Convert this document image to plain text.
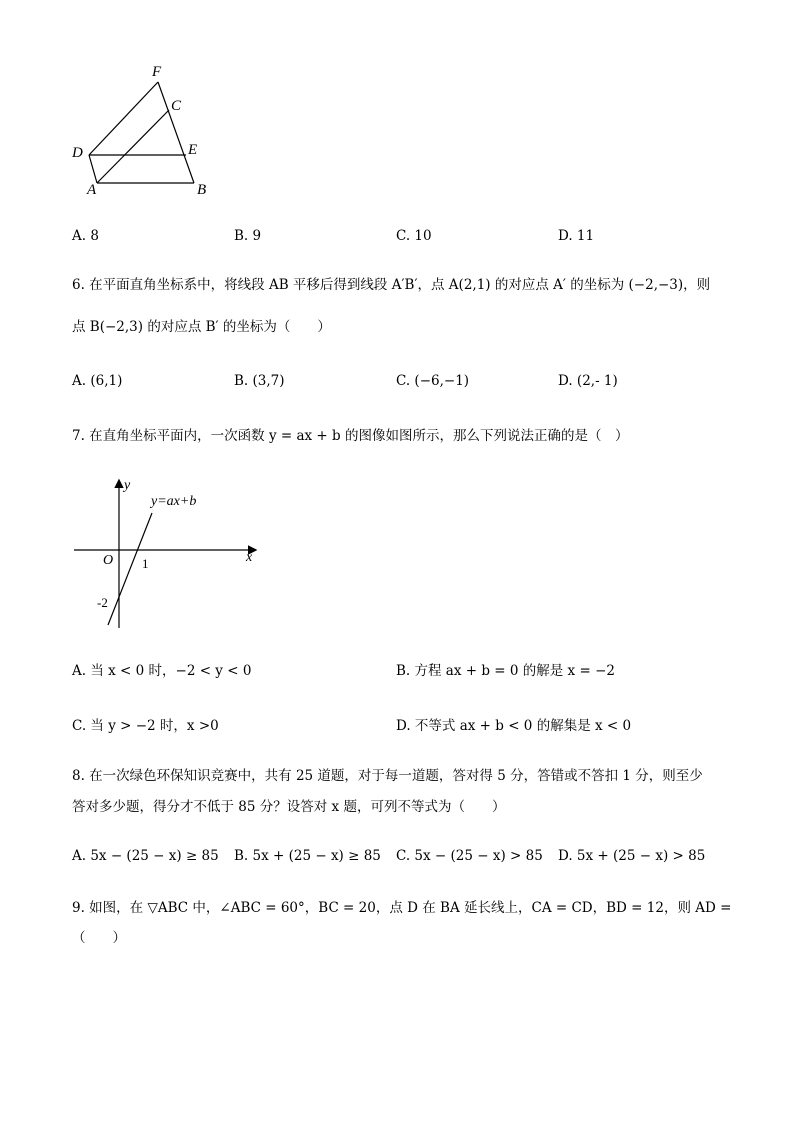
F
C
D	E
A	B
A. 8	B. 9	C. 10	D. 11
6. 在平面直角坐标系中，将线段 AB 平移后得到线段 A′B′，点 A(2,1) 的对应点 A′ 的坐标为 (−2,−3)，则
点 B(−2,3) 的对应点 B′ 的坐标为（　　）
A. (6,1)	B. (3,7)	C. (−6,−1)	D. (2,‑ 1)
7. 在直角坐标平面内，一次函数 y = ax + b 的图像如图所示，那么下列说法正确的是（　）
y
x
y=ax+b
O 1
-2
A. 当 x < 0 时，−2 < y < 0	B. 方程 ax + b = 0 的解是 x = −2
C. 当 y > −2 时，x >0	D. 不等式 ax + b < 0 的解集是 x < 0
8. 在一次绿色环保知识竞赛中，共有 25 道题，对于每一道题，答对得 5 分，答错或不答扣 1 分，则至少
答对多少题，得分才不低于 85 分？设答对 x 题，可列不等式为（　　）
A. 5x − (25 − x) ≥ 85 B. 5x + (25 − x) ≥ 85 C. 5x − (25 − x) > 85 D. 5x + (25 − x) > 85
9. 如图，在 ▽ABC 中，∠ABC = 60°，BC = 20，点 D 在 BA 延长线上，CA = CD，BD = 12，则 AD =
（　　）
